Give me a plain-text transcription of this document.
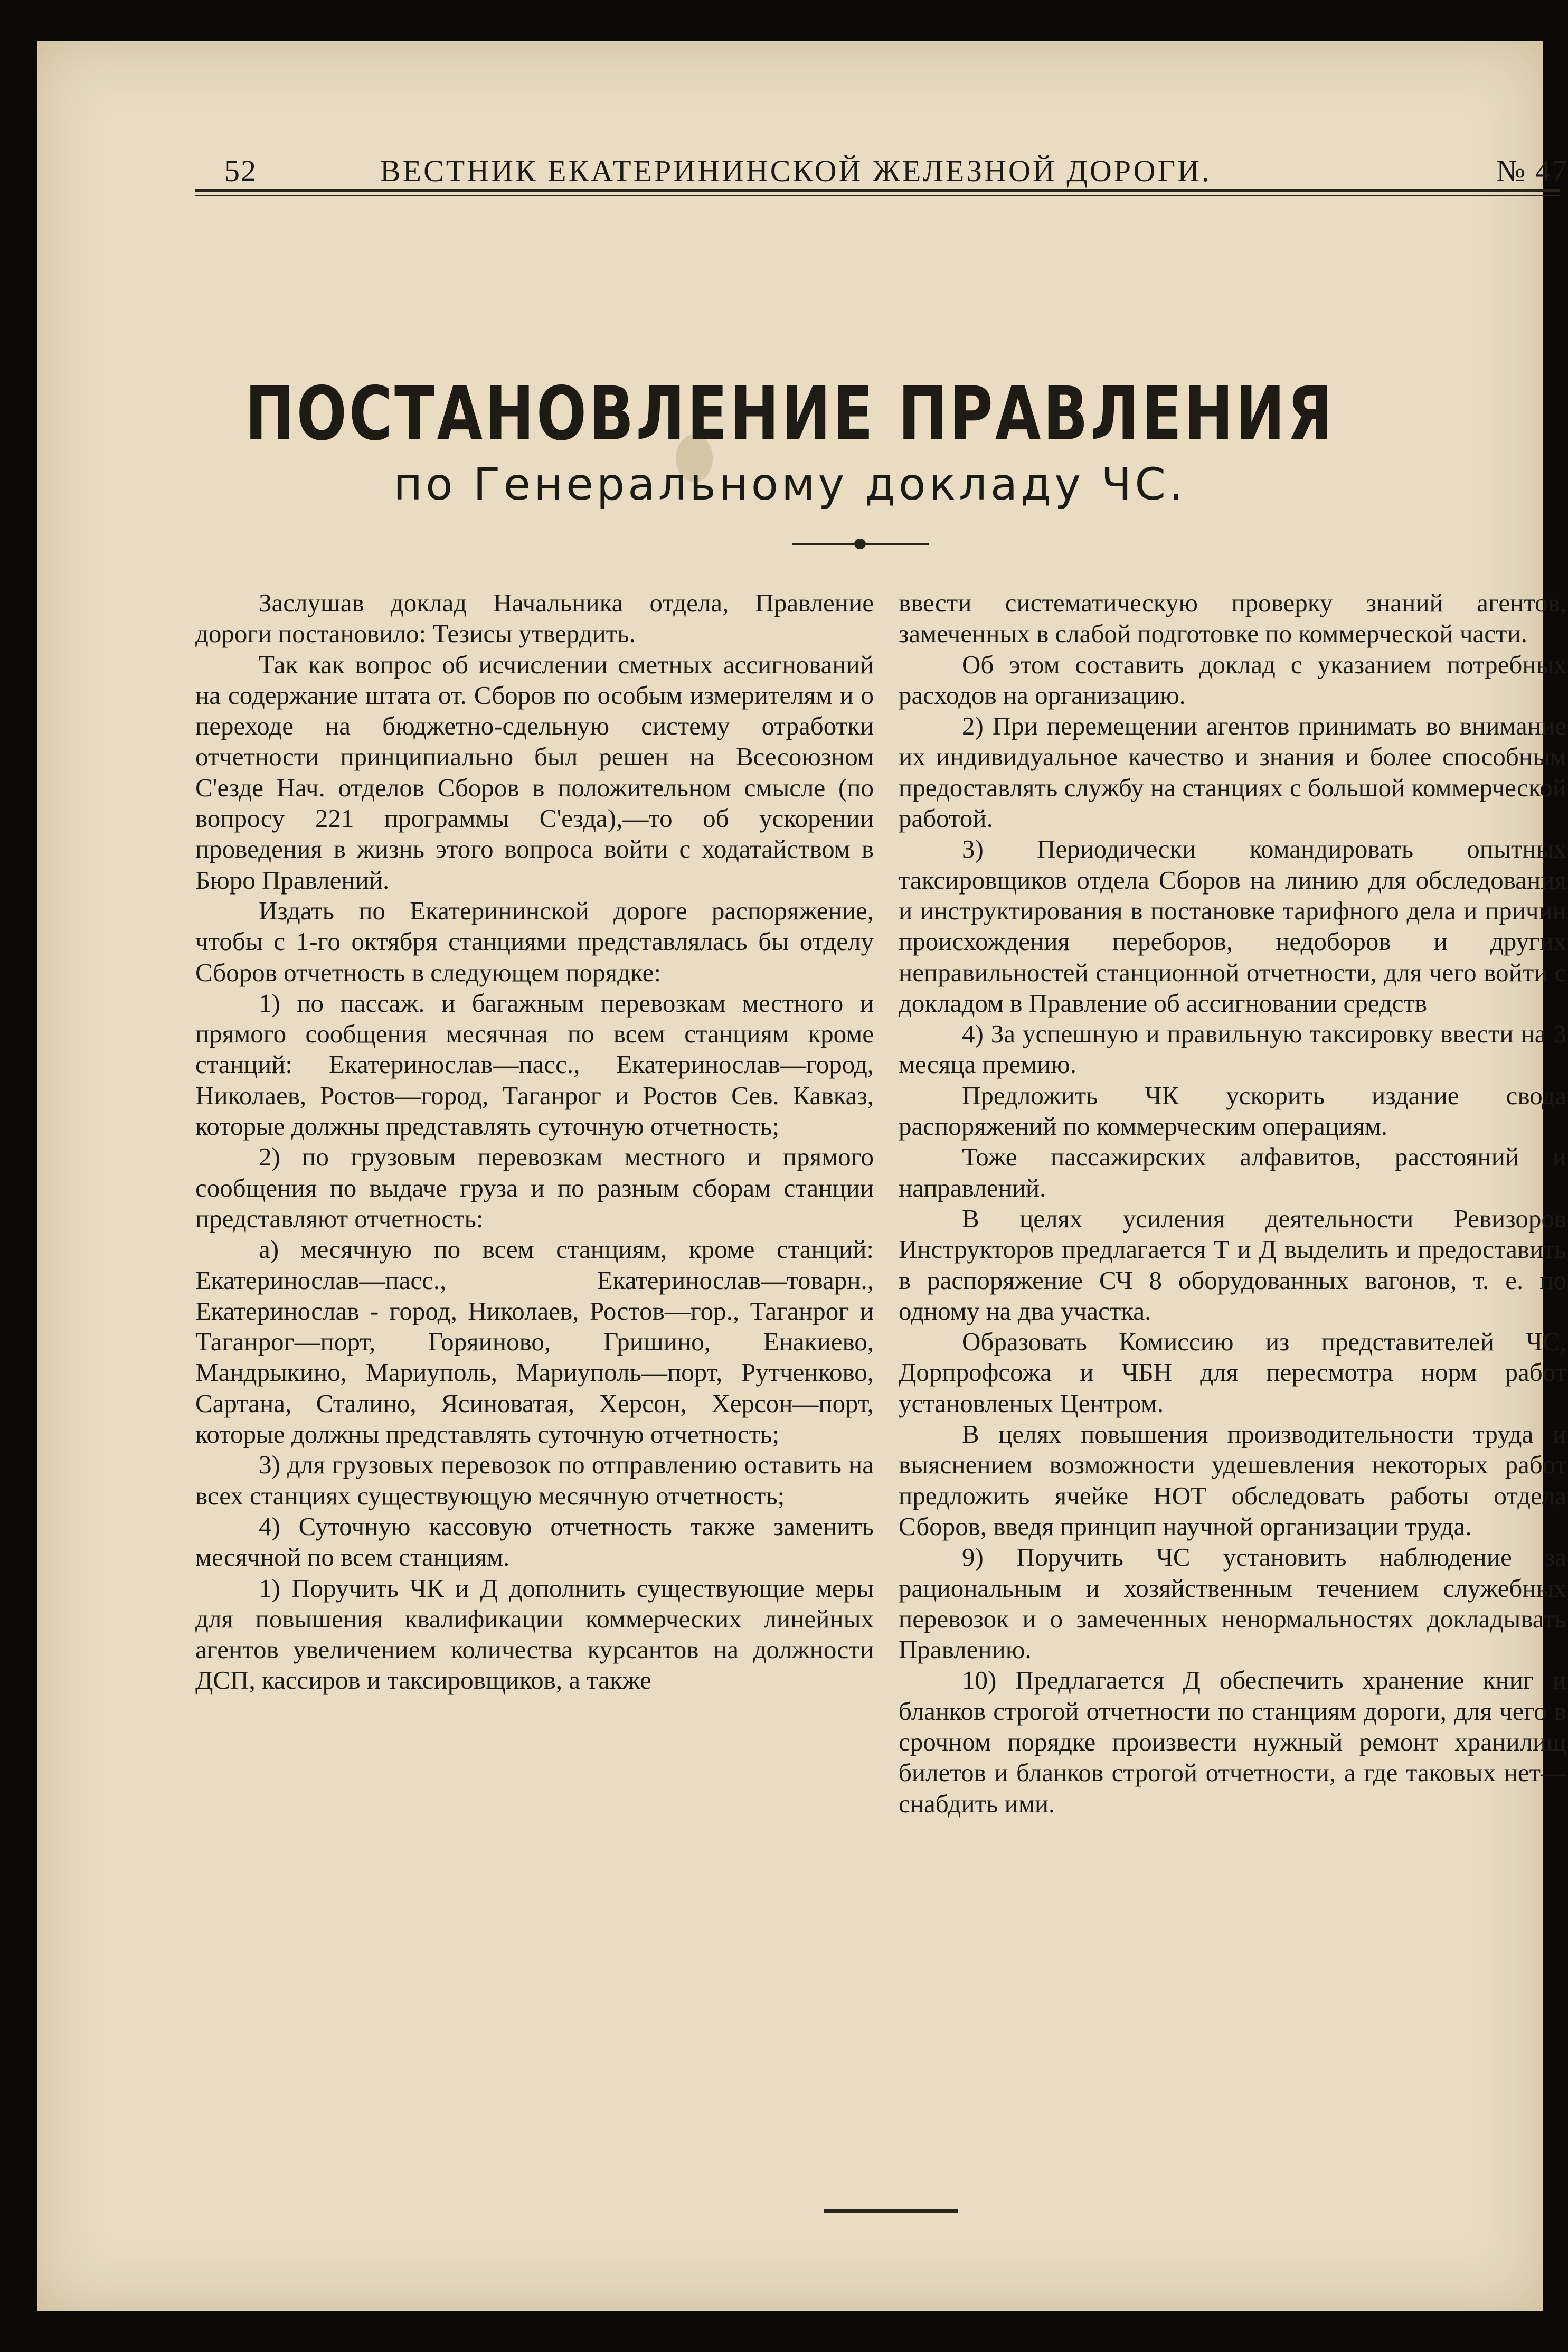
52	ВЕСТНИК ЕКАТЕРИНИНСКОЙ ЖЕЛЕЗНОЙ ДОРОГИ.	№ 47
ПОСТАНОВЛЕНИЕ ПРАВЛЕНИЯ
по Генеральному докладу ЧС.

Заслушав доклад Начальника отдела, Правление дороги постановило: Тезисы утвердить.

Так как вопрос об исчислении сметных ассигнований на содержание штата от. Сборов по особым измерителям и о переходе на бюджетно-сдельную систему отработки отчетности принципиально был решен на Всесоюзном С'езде Нач. отделов Сборов в положительном смысле (по вопросу 221 программы С'езда),—то об ускорении проведения в жизнь этого вопроса войти с ходатайством в Бюро Правлений.

Издать по Екатерининской дороге распоряжение, чтобы с 1-го октября станциями представлялась бы отделу Сборов отчетность в следующем порядке:

1) по пассаж. и багажным перевозкам местного и прямого сообщения месячная по всем станциям кроме станций: Екатеринослав—пасс., Екатеринослав—город, Николаев, Ростов—город, Таганрог и Ростов Сев. Кавказ, которые должны представлять суточную отчетность;

2) по грузовым перевозкам местного и прямого сообщения по выдаче груза и по разным сборам станции представляют отчетность:

а) месячную по всем станциям, кроме станций: Екатеринослав—пасс., Екатеринослав—товарн., Екатеринослав - город, Николаев, Ростов—гор., Таганрог и Таганрог—порт, Горяиново, Гришино, Енакиево, Мандрыкино, Мариуполь, Мариуполь—порт, Рутченково, Сартана, Сталино, Ясиноватая, Херсон, Херсон—порт, которые должны представлять суточную отчетность;

3) для грузовых перевозок по отправлению оставить на всех станциях существующую месячную отчетность;

4) Суточную кассовую отчетность также заменить месячной по всем станциям.

1) Поручить ЧК и Д дополнить существующие меры для повышения квалификации коммерческих линейных агентов увеличением количества курсантов на должности ДСП, кассиров и таксировщиков, а также

ввести систематическую проверку знаний агентов, замеченных в слабой подготовке по коммерческой части.

Об этом составить доклад с указанием потребных расходов на организацию.

2) При перемещении агентов принимать во внимание их индивидуальное качество и знания и более способным предоставлять службу на станциях с большой коммерческой работой.

3) Периодически командировать опытных таксировщиков отдела Сборов на линию для обследования и инструктирования в постановке тарифного дела и причин происхождения переборов, недоборов и других неправильностей станционной отчетности, для чего войти с докладом в Правление об ассигновании средств

4) За успешную и правильную таксировку ввести на 3 месяца премию.

Предложить ЧК ускорить издание свода распоряжений по коммерческим операциям.

Тоже пассажирских алфавитов, расстояний и направлений.

В целях усиления деятельности Ревизоров Инструкторов предлагается Т и Д выделить и предоставить в распоряжение СЧ 8 оборудованных вагонов, т. е. по одному на два участка.

Образовать Комиссию из представителей ЧС, Дорпрофсожа и ЧБН для пересмотра норм работ установленых Центром.

В целях повышения производительности труда и выяснением возможности удешевления некоторых работ предложить ячейке НОТ обследовать работы отдела Сборов, введя принцип научной организации труда.

9) Поручить ЧС установить наблюдение за рациональным и хозяйственным течением служебных перевозок и о замеченных ненормальностях докладывать Правлению.

10) Предлагается Д обеспечить хранение книг и бланков строгой отчетности по станциям дороги, для чего в срочном порядке произвести нужный ремонт хранилищ билетов и бланков строгой отчетности, а где таковых нет—снабдить ими.
